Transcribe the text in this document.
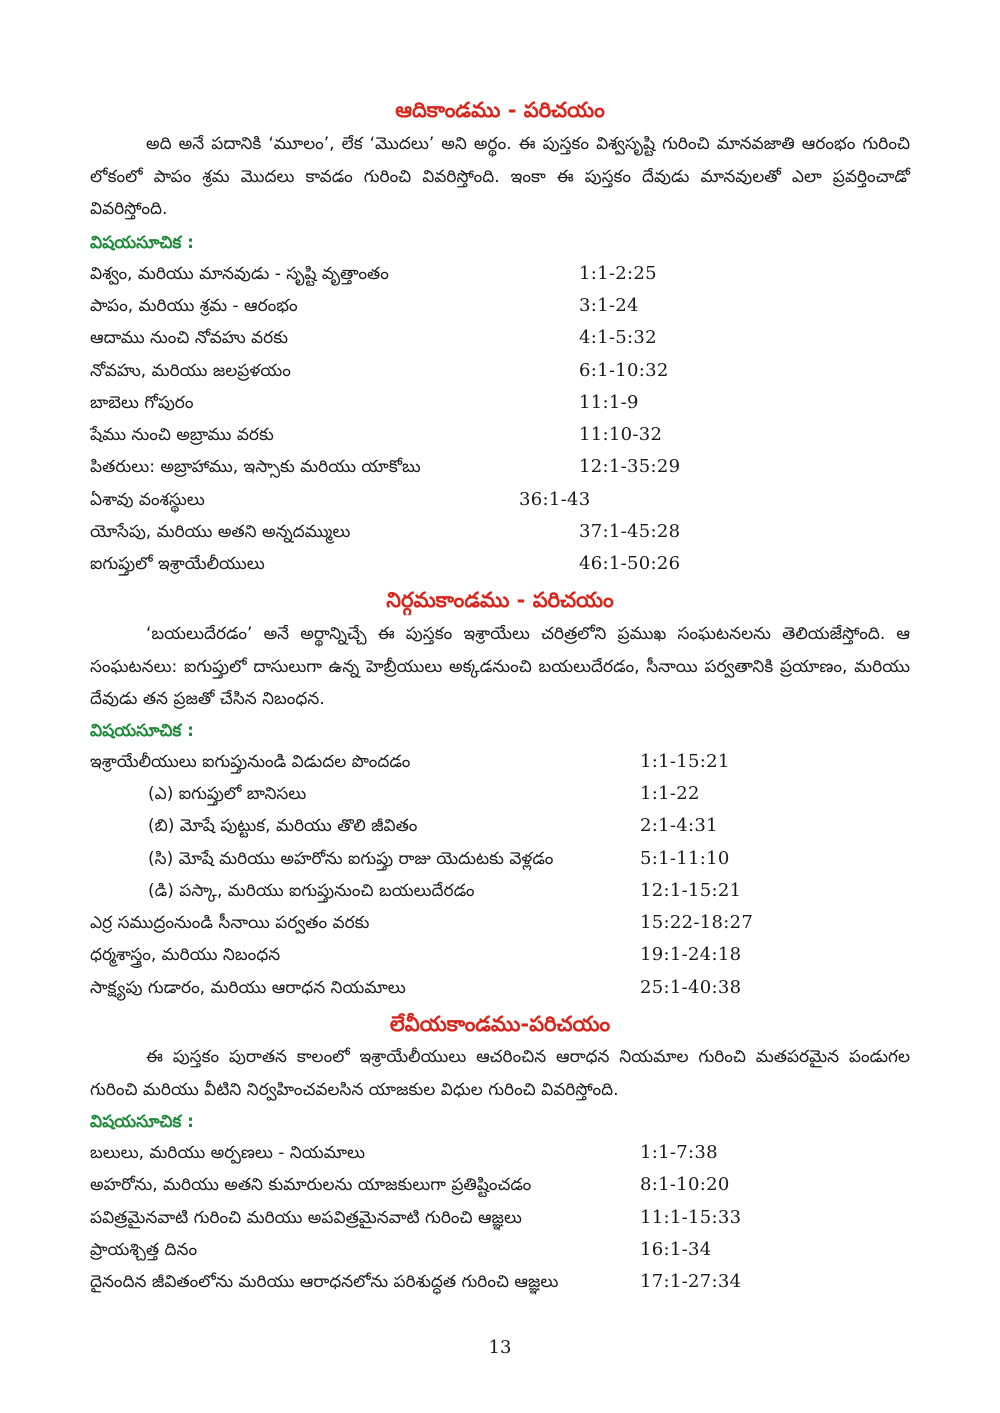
ఆదికాండము - పరిచయం
అది అనే పదానికి ‘మూలం’, లేక ‘మొదలు’ అని అర్థం. ఈ పుస్తకం విశ్వసృష్టి గురించి మానవజాతి ఆరంభం గురించి లోకంలో పాపం శ్రమ మొదలు కావడం గురించి వివరిస్తోంది. ఇంకా ఈ పుస్తకం దేవుడు మానవులతో ఎలా ప్రవర్తించాడో వివరిస్తోంది.
విషయసూచిక :
విశ్వం, మరియు మానవుడు - సృష్టి వృత్తాంతం	1:1-2:25
పాపం, మరియు శ్రమ - ఆరంభం	3:1-24
ఆదాము నుంచి నోవహు వరకు	4:1-5:32
నోవహు, మరియు జలప్రళయం	6:1-10:32
బాబెలు గోపురం	11:1-9
షేము నుంచి అబ్రాము వరకు	11:10-32
పితరులు: అబ్రాహాము, ఇస్సాకు మరియు యాకోబు	12:1-35:29
ఏశావు వంశస్థులు	36:1-43
యోసేపు, మరియు అతని అన్నదమ్ములు	37:1-45:28
ఐగుప్తులో ఇశ్రాయేలీయులు	46:1-50:26
నిర్గమకాండము - పరిచయం
‘బయలుదేరడం’ అనే అర్థాన్నిచ్చే ఈ పుస్తకం ఇశ్రాయేలు చరిత్రలోని ప్రముఖ సంఘటనలను తెలియజేస్తోంది. ఆ సంఘటనలు: ఐగుప్తులో దాసులుగా ఉన్న హెబ్రీయులు అక్కడనుంచి బయలుదేరడం, సీనాయి పర్వతానికి ప్రయాణం, మరియు దేవుడు తన ప్రజతో చేసిన నిబంధన.
విషయసూచిక :
ఇశ్రాయేలీయులు ఐగుప్తునుండి విడుదల పొందడం	1:1-15:21
(ఎ) ఐగుప్తులో బానిసలు	1:1-22
(బి) మోషే పుట్టుక, మరియు తొలి జీవితం	2:1-4:31
(సి) మోషే మరియు అహరోను ఐగుప్తు రాజు యెదుటకు వెళ్లడం	5:1-11:10
(డి) పస్కా, మరియు ఐగుప్తునుంచి బయలుదేరడం	12:1-15:21
ఎర్ర సముద్రంనుండి సీనాయి పర్వతం వరకు	15:22-18:27
ధర్మశాస్త్రం, మరియు నిబంధన	19:1-24:18
సాక్ష్యపు గుడారం, మరియు ఆరాధన నియమాలు	25:1-40:38
లేవీయకాండము-పరిచయం
ఈ పుస్తకం పురాతన కాలంలో ఇశ్రాయేలీయులు ఆచరించిన ఆరాధన నియమాల గురించి మతపరమైన పండుగల గురించి మరియు వీటిని నిర్వహించవలసిన యాజకుల విధుల గురించి వివరిస్తోంది.
విషయసూచిక :
బలులు, మరియు అర్పణలు - నియమాలు	1:1-7:38
అహరోను, మరియు అతని కుమారులను యాజకులుగా ప్రతిష్టించడం	8:1-10:20
పవిత్రమైనవాటి గురించి మరియు అపవిత్రమైనవాటి గురించి ఆజ్ఞలు	11:1-15:33
ప్రాయశ్చిత్త దినం	16:1-34
దైనందిన జీవితంలోను మరియు ఆరాధనలోను పరిశుద్ధత గురించి ఆజ్ఞలు	17:1-27:34
13
